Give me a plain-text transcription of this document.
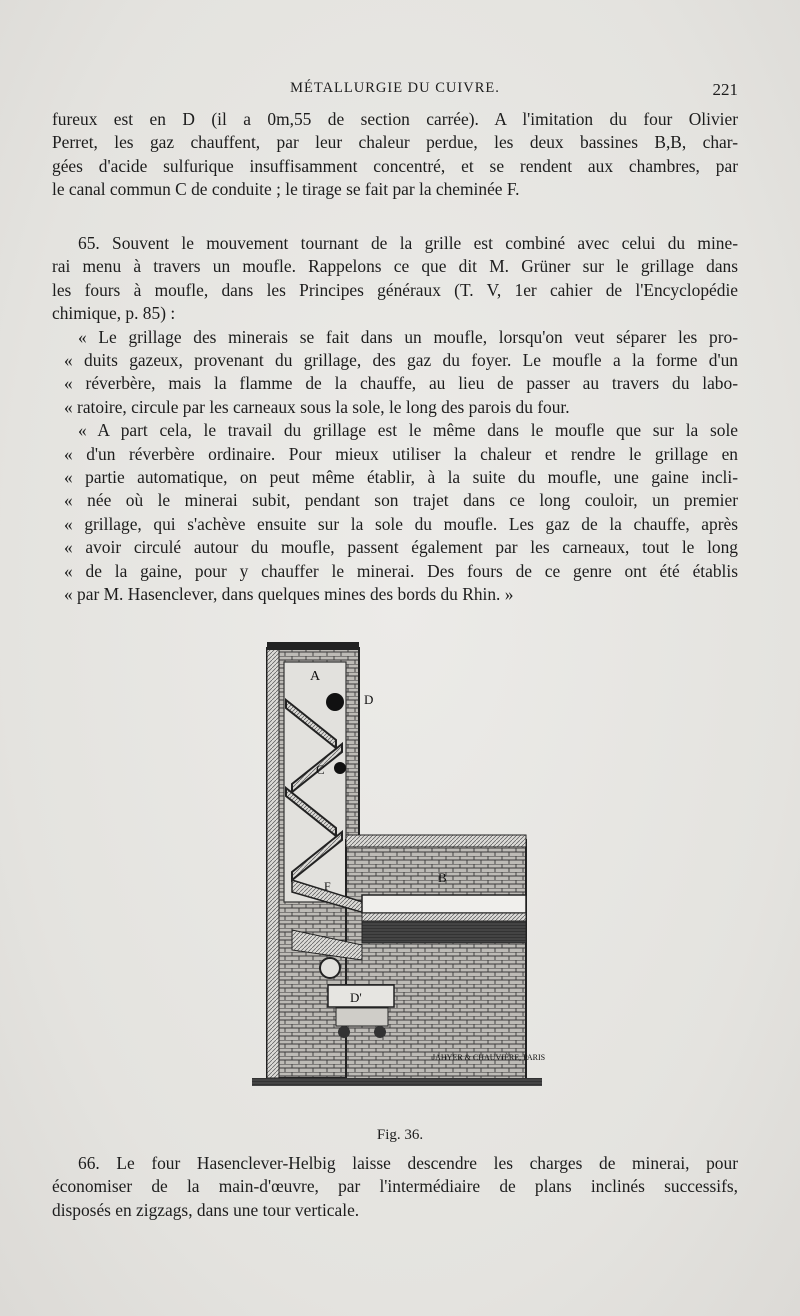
MÉTALLURGIE DU CUIVRE.	221
fureux est en D (il a 0m,55 de section carrée). A l'imitation du four Olivier
Perret, les gaz chauffent, par leur chaleur perdue, les deux bassines B,B, char-
gées d'acide sulfurique insuffisamment concentré, et se rendent aux chambres, par
le canal commun C de conduite ; le tirage se fait par la cheminée F.
65. Souvent le mouvement tournant de la grille est combiné avec celui du mine-
rai menu à travers un moufle. Rappelons ce que dit M. Grüner sur le grillage dans
les fours à moufle, dans les Principes généraux (T. V, 1er cahier de l'Encyclopédie
chimique, p. 85) :
« Le grillage des minerais se fait dans un moufle, lorsqu'on veut séparer les pro-
« duits gazeux, provenant du grillage, des gaz du foyer. Le moufle a la forme d'un
« réverbère, mais la flamme de la chauffe, au lieu de passer au travers du labo-
« ratoire, circule par les carneaux sous la sole, le long des parois du four.
« A part cela, le travail du grillage est le même dans le moufle que sur la sole
« d'un réverbère ordinaire. Pour mieux utiliser la chaleur et rendre le grillage en
« partie automatique, on peut même établir, à la suite du moufle, une gaine incli-
« née où le minerai subit, pendant son trajet dans ce long couloir, un premier
« grillage, qui s'achève ensuite sur la sole du moufle. Les gaz de la chauffe, après
« avoir circulé autour du moufle, passent également par les carneaux, tout le long
« de la gaine, pour y chauffer le minerai. Des fours de ce genre ont été établis
« par M. Hasenclever, dans quelques mines des bords du Rhin. »
A
D
C
B
F
D'
JAHYER & CHAUVIÈRE, PARIS
Fig. 36.
66. Le four Hasenclever-Helbig laisse descendre les charges de minerai, pour
économiser de la main-d'œuvre, par l'intermédiaire de plans inclinés successifs,
disposés en zigzags, dans une tour verticale.
